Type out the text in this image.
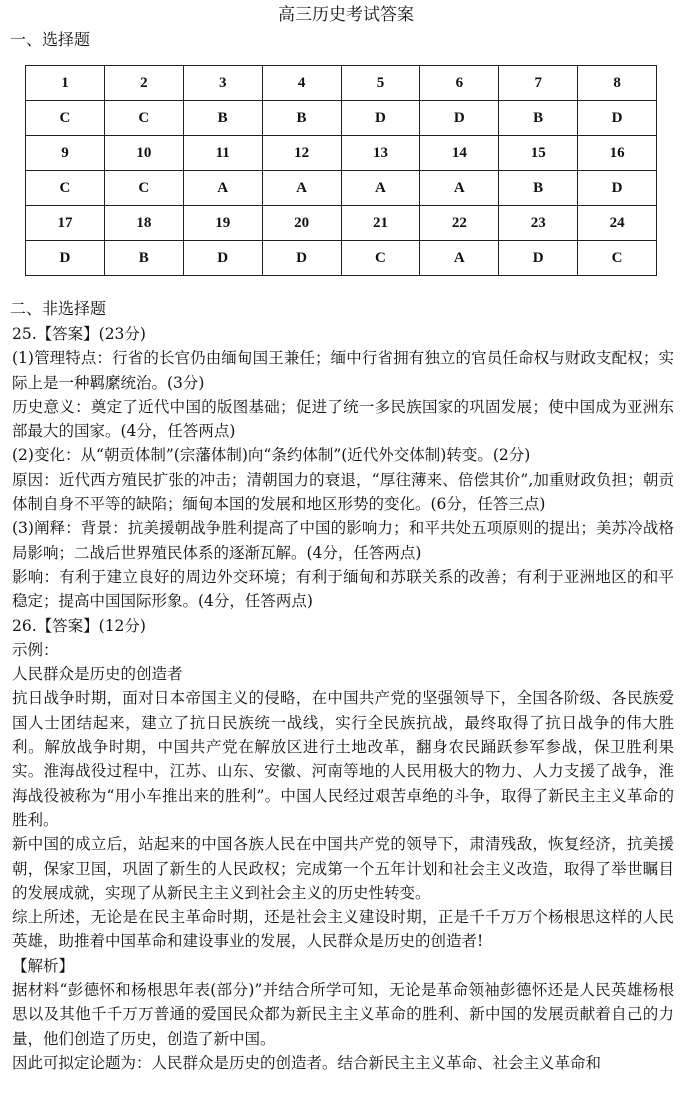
高三历史考试答案
一、选择题
1	2	3	4	5	6	7	8
C	C	B	B	D	D	B	D
9	10	11	12	13	14	15	16
C	C	A	A	A	A	B	D
17	18	19	20	21	22	23	24
D	B	D	D	C	A	D	C
二、非选择题

25.【答案】(23分)

(1)管理特点：行省的长官仍由缅甸国王兼任；缅中行省拥有独立的官员任命权与财政支配权；实际上是一种羁縻统治。(3分)

历史意义：奠定了近代中国的版图基础；促进了统一多民族国家的巩固发展；使中国成为亚洲东部最大的国家。(4分，任答两点)

(2)变化：从“朝贡体制”(宗藩体制)向“条约体制”(近代外交体制)转变。(2分)

原因：近代西方殖民扩张的冲击；清朝国力的衰退，“厚往薄来、倍偿其价”,加重财政负担；朝贡体制自身不平等的缺陷；缅甸本国的发展和地区形势的变化。(6分，任答三点)

(3)阐释：背景：抗美援朝战争胜利提高了中国的影响力；和平共处五项原则的提出；美苏冷战格局影响；二战后世界殖民体系的逐渐瓦解。(4分，任答两点)

影响：有利于建立良好的周边外交环境；有利于缅甸和苏联关系的改善；有利于亚洲地区的和平稳定；提高中国国际形象。(4分，任答两点)

26.【答案】(12分)

示例：

人民群众是历史的创造者

抗日战争时期，面对日本帝国主义的侵略，在中国共产党的坚强领导下，全国各阶级、各民族爱国人士团结起来，建立了抗日民族统一战线，实行全民族抗战，最终取得了抗日战争的伟大胜利。解放战争时期，中国共产党在解放区进行土地改革，翻身农民踊跃参军参战，保卫胜利果实。淮海战役过程中，江苏、山东、安徽、河南等地的人民用极大的物力、人力支援了战争，淮海战役被称为“用小车推出来的胜利”。中国人民经过艰苦卓绝的斗争，取得了新民主主义革命的胜利。

新中国的成立后，站起来的中国各族人民在中国共产党的领导下，肃清残敌，恢复经济，抗美援朝，保家卫国，巩固了新生的人民政权；完成第一个五年计划和社会主义改造，取得了举世瞩目的发展成就，实现了从新民主主义到社会主义的历史性转变。

综上所述，无论是在民主革命时期，还是社会主义建设时期，正是千千万万个杨根思这样的人民英雄，助推着中国革命和建设事业的发展，人民群众是历史的创造者!

【解析】

据材料“彭德怀和杨根思年表(部分)”并结合所学可知，无论是革命领袖彭德怀还是人民英雄杨根思以及其他千千万万普通的爱国民众都为新民主主义革命的胜利、新中国的发展贡献着自己的力量，他们创造了历史，创造了新中国。

因此可拟定论题为：人民群众是历史的创造者。结合新民主主义革命、社会主义革命和
